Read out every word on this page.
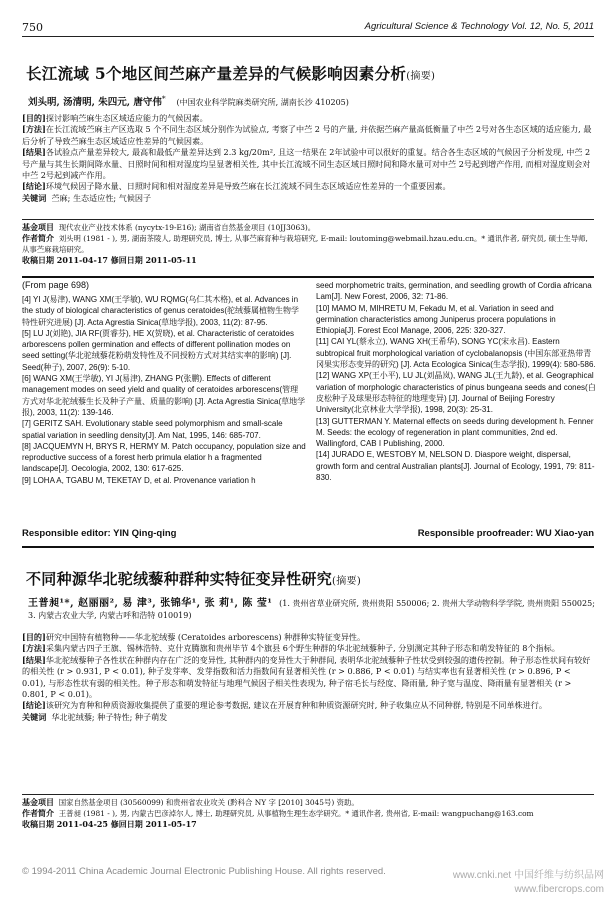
750	Agricultural Science & Technology Vol. 12, No. 5, 2011
长江流域 5个地区间苎麻产量差异的气候影响因素分析(摘要)
刘头明, 汤清明, 朱四元, 唐守伟* (中国农业科学院麻类研究所, 湖南长沙 410205)

[目的]探讨影响苎麻生态区域适应能力的气候因素。

[方法]在长江流域苎麻主产区选取 5 个不同生态区域分别作为试验点, 考察了中苎 2 号的产量, 并依据苎麻产量高低衡量了中苎 2号对各生态区域的适应能力, 最后分析了导致苎麻生态区域适应性差异的气候因素。

[结果]各试验点产量差异较大, 最高和最低产量差异达到 2.3 kg/20m², 且这一结果在 2年试验中可以很好的重复。结合各生态区域的气候因子分析发现, 中苎 2号产量与其生长期间降水量、日照时间和相对湿度均呈显著相关性, 其中长江流域不同生态区域日照时间和降水量可对中苎 2号起到增产作用, 而相对湿度则会对中苎 2号起到减产作用。

[结论]环境气候因子降水量、日照时间和相对湿度差异是导致苎麻在长江流域不同生态区域适应性差异的一个重要因素。

关键词 苎麻; 生态适应性; 气候因子

基金项目 现代农业产业技术体系 (nycytx-19-E16); 湖南省自然基金项目 (10JJ3063)。
作者简介 刘头明 (1981 - ), 男, 湖南茶陵人, 助理研究员, 博士, 从事苎麻育种与栽培研究, E-mail: loutoming@webmail.hzau.edu.cn。* 通讯作者, 研究员, 硕士生导师, 从事苎麻栽培研究。
收稿日期 2011-04-17 修回日期 2011-05-11
(From page 698)

[4] YI J(易津), WANG XM(王学敏), WU RQMG(乌仁其木格), et al. Advances in the study of biological characteristics of genus ceratoides(驼绒藜属植物生物学特性研究进展) [J]. Acta Agrestia Sinica(草地学报), 2003, 11(2): 87-95.

[5] LU J(刘艳), JIA RF(贾睿芬), HE X(贺晓), et al. Characteristic of ceratoides arborescens pollen germination and effects of different pollination modes on seed setting(华北驼绒藜花粉萌发特性及不同授粉方式对其结实率的影响) [J]. Seed(种子), 2007, 26(9): 5-10.

[6] WANG XM(王学敏), YI J(易津), ZHANG P(张鹏). Effects of different management modes on seed yield and quality of ceratoides arborescens(管理方式对华北驼绒藜生长及种子产量、质量的影响) [J]. Acta Agrestia Sinica(草地学报), 2003, 11(2): 139-146.

[7] GERITZ SAH. Evolutionary stable seed polymorphism and small-scale spatial variation in seedling density[J]. Am Nat, 1995, 146: 685-707.

[8] JACQUEMYN H, BRYS R, HERMY M. Patch occupancy, population size and reproductive success of a forest herb primula elatior h a fragmented landscape[J]. Oecologia, 2002, 130: 617-625.

[9] LOHA A, TGABU M, TEKETAY D, et al. Provenance variation h

seed morphometric traits, germination, and seedling growth of Cordia africana Lam[J]. New Forest, 2006, 32: 71-86.

[10] MAMO M, MIHRETU M, Fekadu M, et al. Variation in seed and germination characteristics among Juniperus procera populations in Ethiopia[J]. Forest Ecol Manage, 2006, 225: 320-327.

[11] CAI YL(蔡永立), WANG XH(王希华), SONG YC(宋永昌). Eastern subtropical fruit morphological variation of cyclobalanopsis (中国东部亚热带青冈果实形态变异的研究) [J]. Acta Ecologica Sinica(生态学报), 1999(4): 580-586.

[12] WANG XP(王小平), LU JL(刘晶岚), WANG JL(王九龄), et al. Geographical variation of morphologic characteristics of pinus bungeana seeds and cones(白皮松种子及球果形态特征的地理变异) [J]. Journal of Beijing Forestry University(北京林业大学学报), 1998, 20(3): 25-31.

[13] GUTTERMAN Y. Maternal effects on seeds during development h. Fenner M. Seeds: the ecology of regeneration in plant communities, 2nd ed. Wallingford, CAB I Publishing, 2000.

[14] JURADO E, WESTOBY M, NELSON D. Diaspore weight, dispersal, growth form and central Australian plants[J]. Journal of Ecology, 1991, 79: 811-830.

Responsible editor: YIN Qing-qing	Responsible proofreader: WU Xiao-yan
不同种源华北驼绒藜种群种实特征变异性研究(摘要)
王普昶¹*, 赵丽丽², 易 津³, 张锦华¹, 张 莉¹, 陈 莹¹ (1. 贵州省草业研究所, 贵州贵阳 550006; 2. 贵州大学动物科学学院, 贵州贵阳 550025; 3. 内蒙古农业大学, 内蒙古呼和浩特 010019)

[目的]研究中国特有植物种——华北驼绒藜 (Ceratoides arborescens) 种群种实特征变异性。

[方法]采集内蒙古四子王旗、锡林浩特、克什克腾旗和贵州毕节 4个旗县 6个野生种群的华北驼绒藜种子, 分别测定其种子形态和萌发特征的 8个指标。

[结果]华北驼绒藜种子各性状在种群内存在广泛的变异性, 其种群内的变异性大于种群间, 表明华北驼绒藜种子性状受到较强的遗传控制。种子形态性状间有较好的相关性 (r > 0.931, P < 0.01), 种子发芽率、发芽指数和活力指数间有显著相关性 (r > 0.886, P < 0.01) 与结实率也有显著相关性 (r > 0.896, P < 0.01), 与形态性状有弱的相关性。种子形态和萌发特征与地理气候因子相关性表现为, 种子宿毛长与经度、降雨量, 种子宽与温度、降雨量有显著相关 (r > 0.801, P < 0.01)。

[结论]该研究为育种和种质资源收集提供了重要的理论参考数据, 建议在开展育种和种质资源研究时, 种子收集应从不同种群, 特别是不同单株进行。

关键词 华北驼绒藜; 种子特性; 种子萌发

基金项目 国家自然基金项目 (30560099) 和贵州省农业攻关 (黔科合 NY 字 [2010] 3045号) 资助。
作者简介 王普昶 (1981 - ), 男, 内蒙古巴彦淖尔人, 博士, 助理研究员, 从事植物生理生态学研究。* 通讯作者, 贵州省, E-mail: wangpuchang@163.com
收稿日期 2011-04-25 修回日期 2011-05-17
© 1994-2011 China Academic Journal Electronic Publishing House. All rights reserved.	www.cnki.net 中国纤维与纺织品网
www.fibercrops.com
